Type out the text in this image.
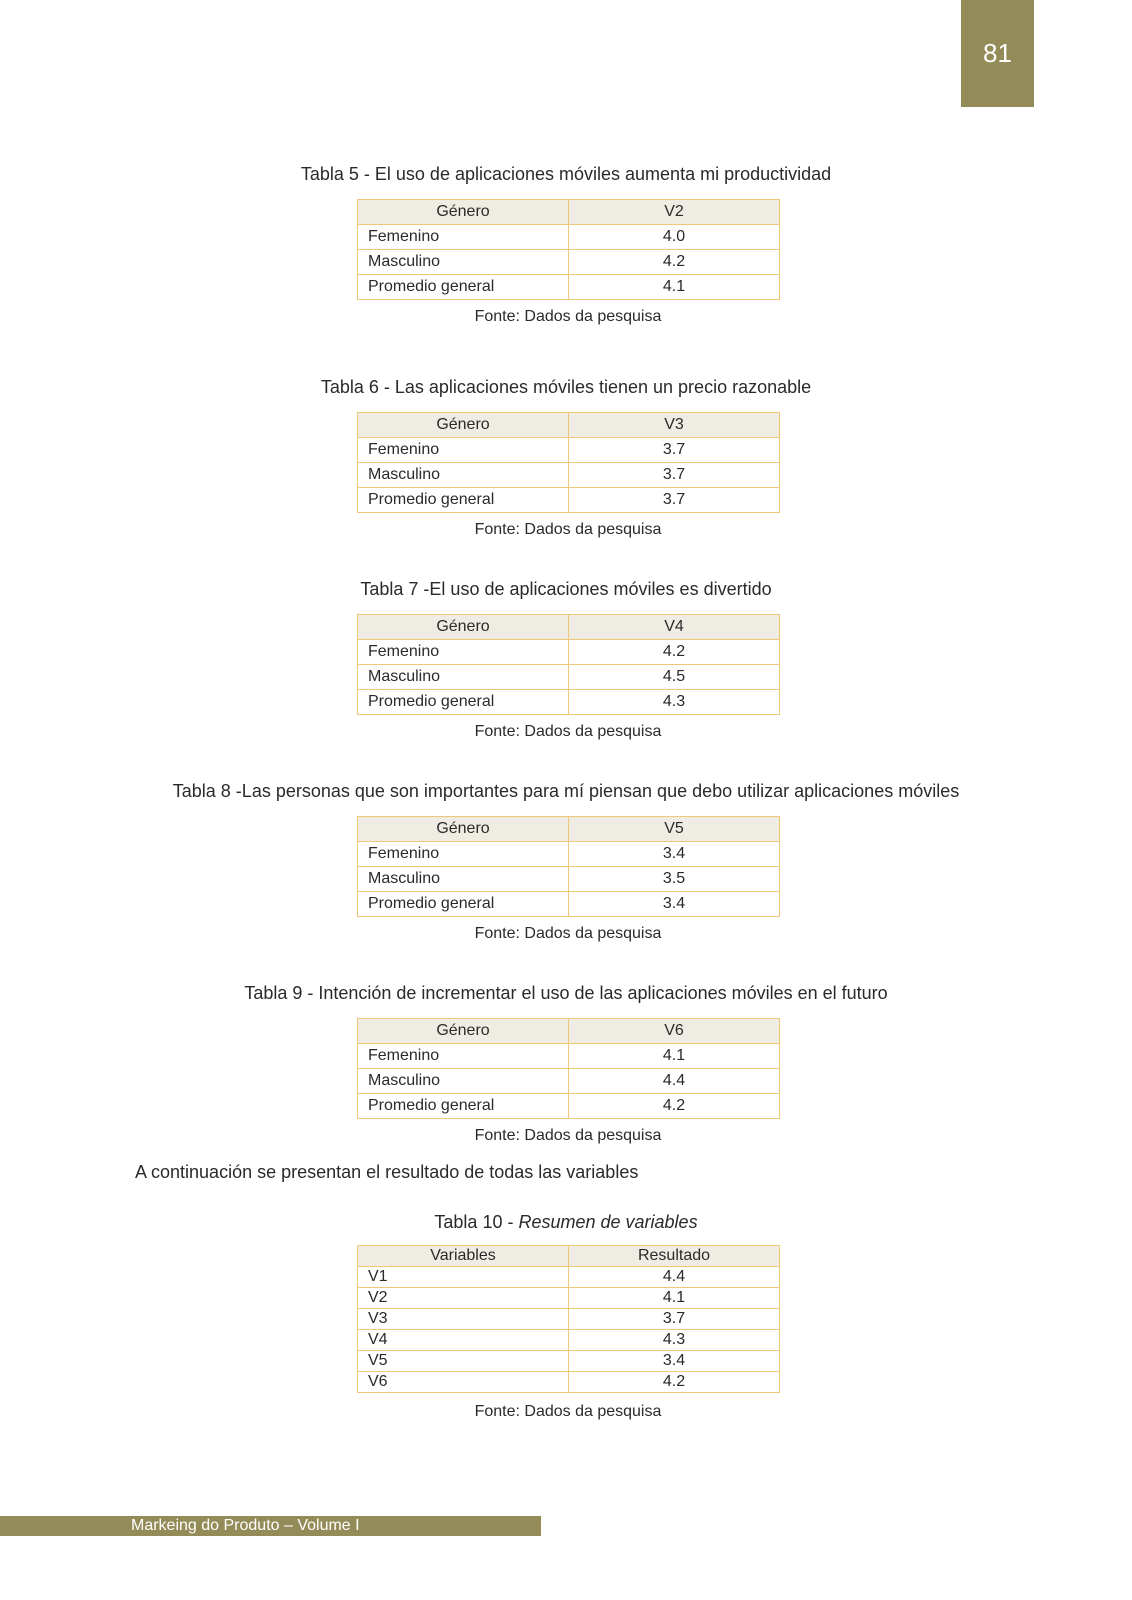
81
Tabla 5 - El uso de aplicaciones móviles aumenta mi productividad
Género	V2
Femenino	4.0
Masculino	4.2
Promedio general	4.1
Fonte: Dados da pesquisa
Tabla 6 - Las aplicaciones móviles tienen un precio razonable
Género	V3
Femenino	3.7
Masculino	3.7
Promedio general	3.7
Fonte: Dados da pesquisa
Tabla 7 -El uso de aplicaciones móviles es divertido
Género	V4
Femenino	4.2
Masculino	4.5
Promedio general	4.3
Fonte: Dados da pesquisa
Tabla 8 -Las personas que son importantes para mí piensan que debo utilizar aplicaciones móviles
Género	V5
Femenino	3.4
Masculino	3.5
Promedio general	3.4
Fonte: Dados da pesquisa
Tabla 9 - Intención de incrementar el uso de las aplicaciones móviles en el futuro
Género	V6
Femenino	4.1
Masculino	4.4
Promedio general	4.2
Fonte: Dados da pesquisa
A continuación se presentan el resultado de todas las variables
Tabla 10 - Resumen de variables
Variables	Resultado
V1	4.4
V2	4.1
V3	3.7
V4	4.3
V5	3.4
V6	4.2
Fonte: Dados da pesquisa
Markeing do Produto – Volume I
